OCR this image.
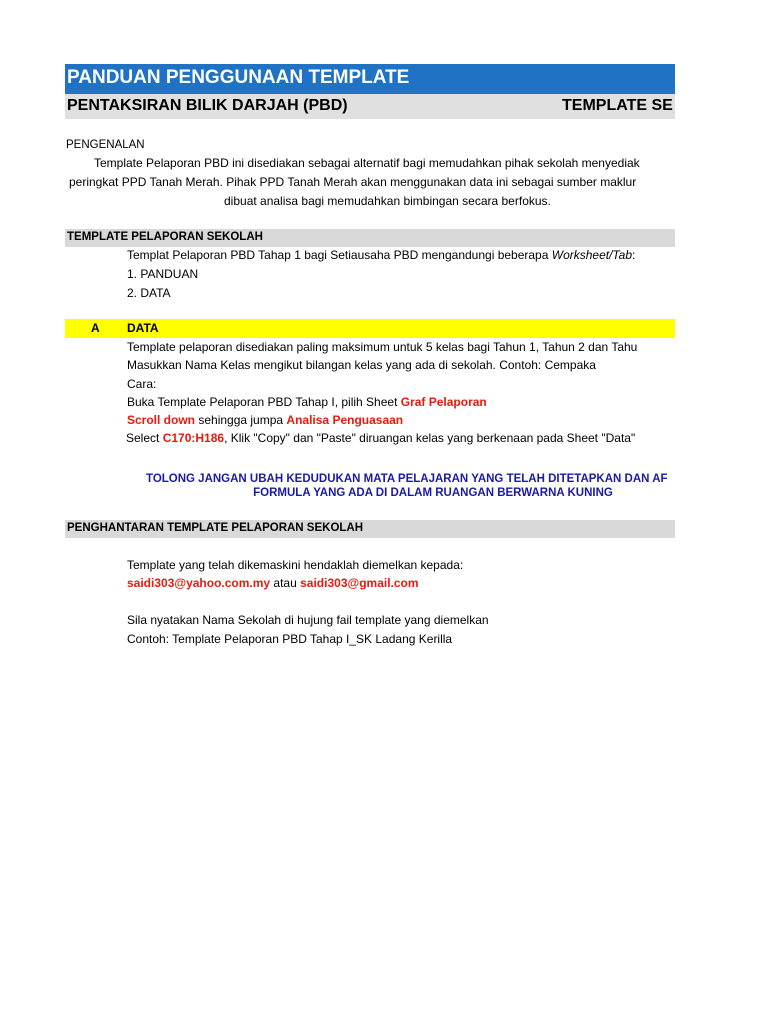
PANDUAN PENGGUNAAN TEMPLATE
PENTAKSIRAN BILIK DARJAH (PBD)	TEMPLATE SE
PENGENALAN
Template Pelaporan PBD ini disediakan sebagai alternatif bagi memudahkan pihak sekolah menyediak
peringkat PPD Tanah Merah. Pihak PPD Tanah Merah akan menggunakan data ini sebagai sumber maklur
dibuat analisa bagi memudahkan bimbingan secara berfokus.
TEMPLATE PELAPORAN SEKOLAH
Templat Pelaporan PBD Tahap 1 bagi Setiausaha PBD mengandungi beberapa Worksheet/Tab:
1. PANDUAN
2. DATA
A DATA
Template pelaporan disediakan paling maksimum untuk 5 kelas bagi Tahun 1, Tahun 2 dan Tahu
Masukkan Nama Kelas mengikut bilangan kelas yang ada di sekolah. Contoh: Cempaka
Cara:
Buka Template Pelaporan PBD Tahap I, pilih Sheet Graf Pelaporan
Scroll down sehingga jumpa Analisa Penguasaan
Select C170:H186, Klik "Copy" dan "Paste" diruangan kelas yang berkenaan pada Sheet "Data"
TOLONG JANGAN UBAH KEDUDUKAN MATA PELAJARAN YANG TELAH DITETAPKAN DAN AF
FORMULA YANG ADA DI DALAM RUANGAN BERWARNA KUNING
PENGHANTARAN TEMPLATE PELAPORAN SEKOLAH
Template yang telah dikemaskini hendaklah diemelkan kepada:
saidi303@yahoo.com.my atau saidi303@gmail.com
Sila nyatakan Nama Sekolah di hujung fail template yang diemelkan
Contoh: Template Pelaporan PBD Tahap I_SK Ladang Kerilla
